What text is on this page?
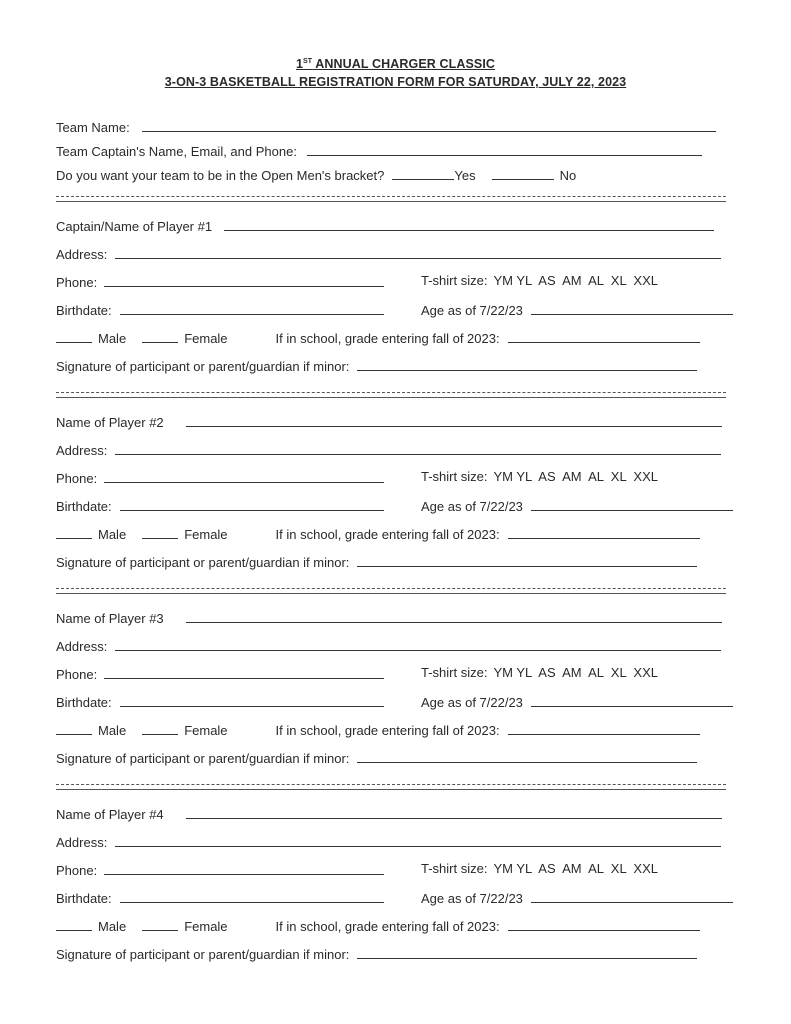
1ST ANNUAL CHARGER CLASSIC
3-ON-3 BASKETBALL REGISTRATION FORM FOR SATURDAY, JULY 22, 2023
Team Name:
Team Captain's Name, Email, and Phone:
Do you want your team to be in the Open Men's bracket?	Yes	No
Captain/Name of Player #1
Address:
Phone:	T-shirt size: YM YL  AS  AM  AL  XL  XXL
Birthdate:	Age as of 7/22/23
Male	Female	If in school, grade entering fall of 2023:
Signature of participant or parent/guardian if minor:
Name of Player #2
Address:
Phone:	T-shirt size: YM YL  AS  AM  AL  XL  XXL
Birthdate:	Age as of 7/22/23
Male	Female	If in school, grade entering fall of 2023:
Signature of participant or parent/guardian if minor:
Name of Player #3
Address:
Phone:	T-shirt size: YM YL  AS  AM  AL  XL  XXL
Birthdate:	Age as of 7/22/23
Male	Female	If in school, grade entering fall of 2023:
Signature of participant or parent/guardian if minor:
Name of Player #4
Address:
Phone:	T-shirt size: YM YL  AS  AM  AL  XL  XXL
Birthdate:	Age as of 7/22/23
Male	Female	If in school, grade entering fall of 2023:
Signature of participant or parent/guardian if minor:
